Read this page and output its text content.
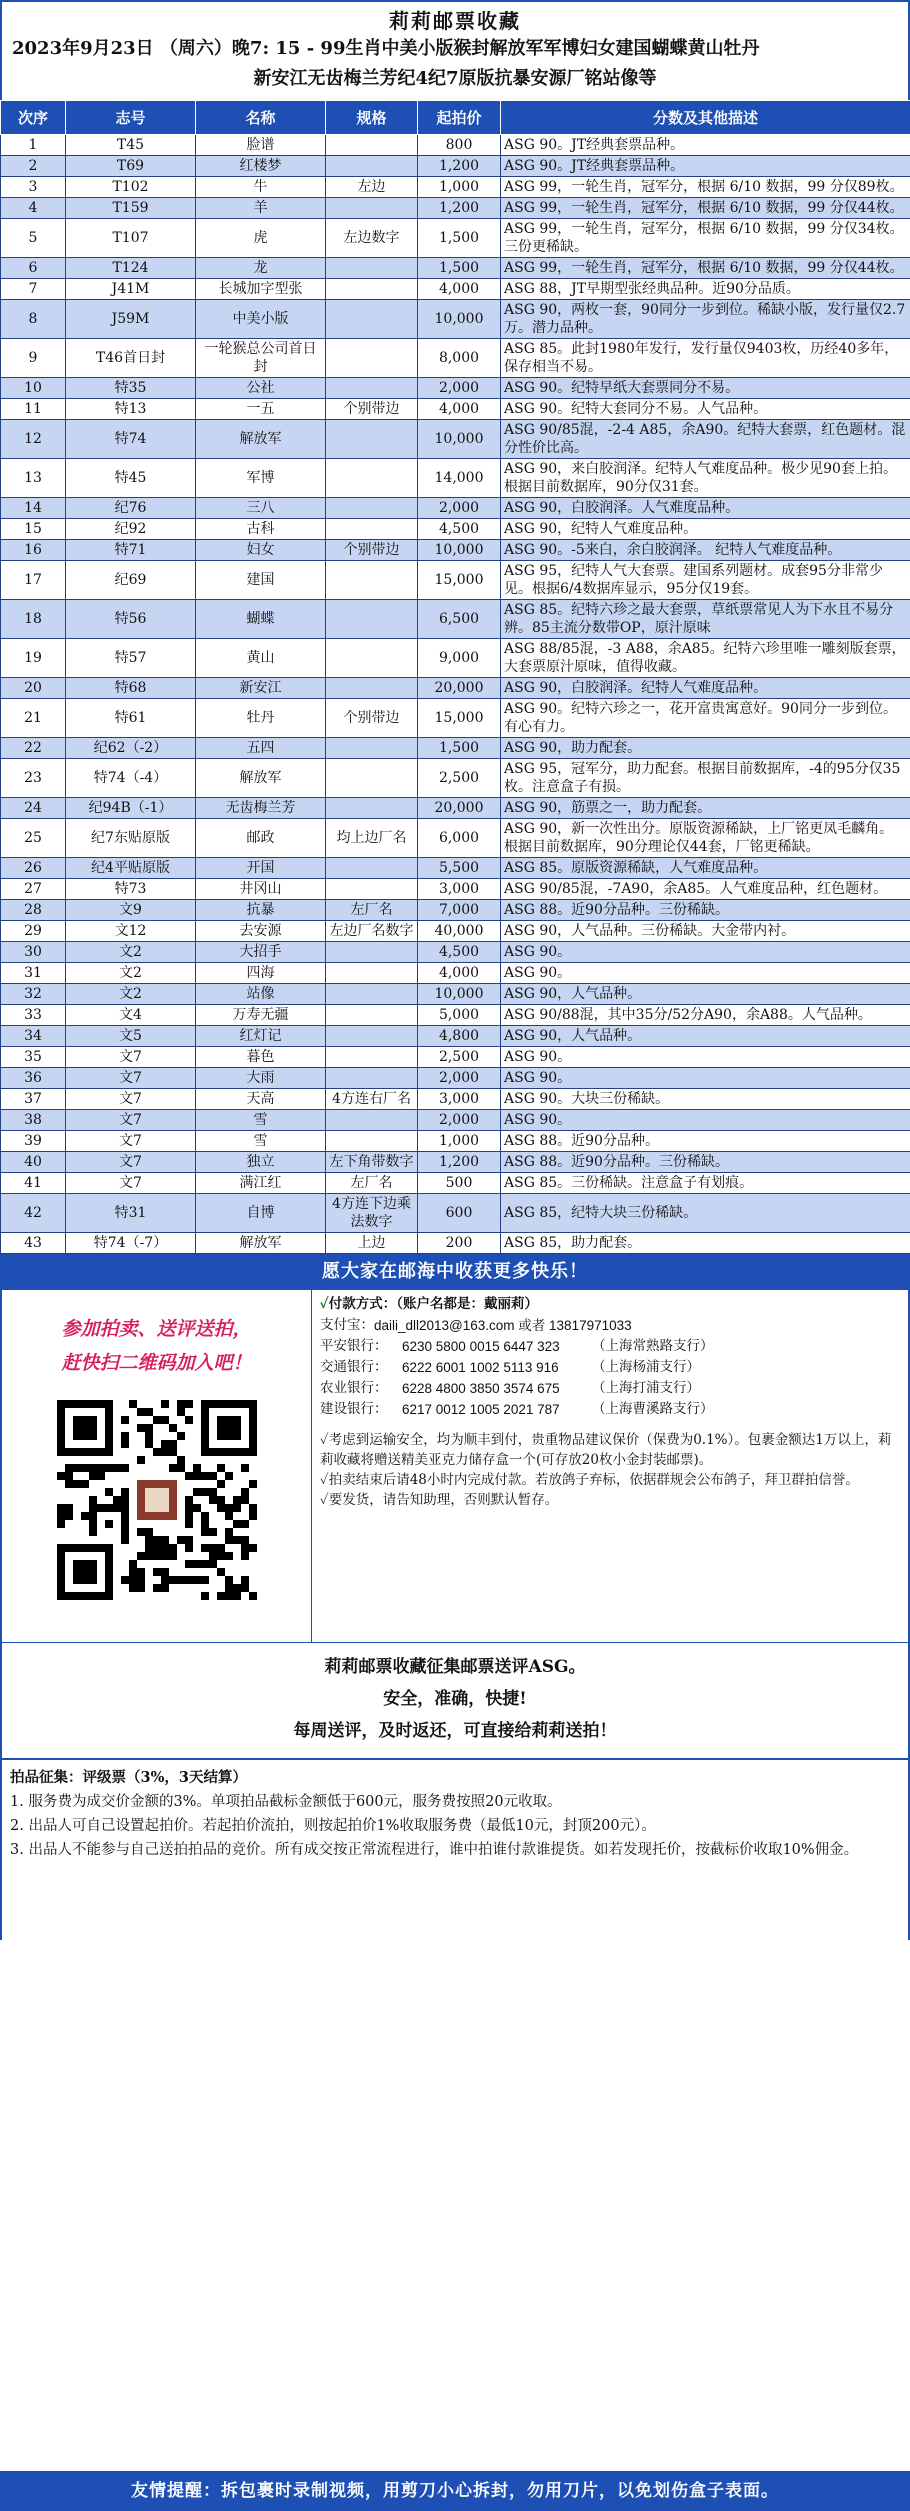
莉莉邮票收藏
2023年9月23日 （周六）晚7: 15 - 99生肖中美小版猴封解放军军博妇女建国蝴蝶黄山牡丹
新安江无齿梅兰芳纪4纪7原版抗暴安源厂铭站像等
次序	志号	名称	规格	起拍价	分数及其他描述
1	T45	脸谱		800	ASG 90。JT经典套票品种。
2	T69	红楼梦		1,200	ASG 90。JT经典套票品种。
3	T102	牛	左边	1,000	ASG 99，一轮生肖，冠军分，根据 6/10 数据，99 分仅89枚。
4	T159	羊		1,200	ASG 99，一轮生肖，冠军分，根据 6/10 数据，99 分仅44枚。
5	T107	虎	左边数字	1,500	ASG 99，一轮生肖，冠军分，根据 6/10 数据，99 分仅34枚。三份更稀缺。
6	T124	龙		1,500	ASG 99，一轮生肖，冠军分，根据 6/10 数据，99 分仅44枚。
7	J41M	长城加字型张		4,000	ASG 88，JT早期型张经典品种。近90分品质。
8	J59M	中美小版		10,000	ASG 90，两枚一套，90同分一步到位。稀缺小版，发行量仅2.7万。潜力品种。
9	T46首日封	一轮猴总公司首日封		8,000	ASG 85。此封1980年发行，发行量仅9403枚，历经40多年，保存相当不易。
10	特35	公社		2,000	ASG 90。纪特早纸大套票同分不易。
11	特13	一五	个别带边	4,000	ASG 90。纪特大套同分不易。人气品种。
12	特74	解放军		10,000	ASG 90/85混，-2-4 A85，余A90。纪特大套票，红色题材。混分性价比高。
13	特45	军博		14,000	ASG 90，来白胶润泽。纪特人气难度品种。极少见90套上拍。根据目前数据库，90分仅31套。
14	纪76	三八		2,000	ASG 90，白胶润泽。人气难度品种。
15	纪92	古科		4,500	ASG 90，纪特人气难度品种。
16	特71	妇女	个别带边	10,000	ASG 90。-5来白，余白胶润泽。 纪特人气难度品种。
17	纪69	建国		15,000	ASG 95，纪特人气大套票。建国系列题材。成套95分非常少见。根据6/4数据库显示，95分仅19套。
18	特56	蝴蝶		6,500	ASG 85。纪特六珍之最大套票，草纸票常见人为下水且不易分辨。85主流分数带OP，原汁原味
19	特57	黄山		9,000	ASG 88/85混，-3 A88，余A85。纪特六珍里唯一雕刻版套票，大套票原汁原味，值得收藏。
20	特68	新安江		20,000	ASG 90，白胶润泽。纪特人气难度品种。
21	特61	牡丹	个别带边	15,000	ASG 90。纪特六珍之一，花开富贵寓意好。90同分一步到位。有心有力。
22	纪62（-2）	五四		1,500	ASG 90，助力配套。
23	特74（-4）	解放军		2,500	ASG 95，冠军分，助力配套。根据目前数据库，-4的95分仅35枚。注意盒子有损。
24	纪94B（-1）	无齿梅兰芳		20,000	ASG 90，筋票之一，助力配套。
25	纪7东贴原版	邮政	均上边厂名	6,000	ASG 90，新一次性出分。原版资源稀缺，上厂铭更凤毛麟角。根据目前数据库，90分理论仅44套，厂铭更稀缺。
26	纪4平贴原版	开国		5,500	ASG 85。原版资源稀缺，人气难度品种。
27	特73	井冈山		3,000	ASG 90/85混，-7A90，余A85。人气难度品种，红色题材。
28	文9	抗暴	左厂名	7,000	ASG 88。近90分品种。三份稀缺。
29	文12	去安源	左边厂名数字	40,000	ASG 90，人气品种。三份稀缺。大金带内衬。
30	文2	大招手		4,500	ASG 90。
31	文2	四海		4,000	ASG 90。
32	文2	站像		10,000	ASG 90，人气品种。
33	文4	万寿无疆		5,000	ASG 90/88混，其中35分/52分A90，余A88。人气品种。
34	文5	红灯记		4,800	ASG 90，人气品种。
35	文7	暮色		2,500	ASG 90。
36	文7	大雨		2,000	ASG 90。
37	文7	天高	4方连右厂名	3,000	ASG 90。大块三份稀缺。
38	文7	雪		2,000	ASG 90。
39	文7	雪		1,000	ASG 88。近90分品种。
40	文7	独立	左下角带数字	1,200	ASG 88。近90分品种。三份稀缺。
41	文7	满江红	左厂名	500	ASG 85。三份稀缺。注意盒子有划痕。
42	特31	自博	4方连下边乘法数字	600	ASG 85，纪特大块三份稀缺。
43	特74（-7）	解放军	上边	200	ASG 85，助力配套。
愿大家在邮海中收获更多快乐！
参加拍卖、送评送拍，
赶快扫二维码加入吧！
✓付款方式：（账户名都是：戴丽莉）
支付宝： daili_dll2013@163.com 或者 13817971033
平安银行：	6230 5800 0015 6447 323	（上海常熟路支行）
交通银行：	6222 6001 1002 5113 916	（上海杨浦支行）
农业银行：	6228 4800 3850 3574 675	（上海打浦支行）
建设银行：	6217 0012 1005 2021 787	（上海曹溪路支行）

✓考虑到运输安全，均为顺丰到付，贵重物品建议保价（保费为0.1%）。包裹金额达1万以上，莉莉收藏将赠送精美亚克力储存盒一个(可存放20枚小金封装邮票)。

✓拍卖结束后请48小时内完成付款。若放鸽子弃标，依据群规会公布鸽子，拜卫群拍信誉。

✓要发货，请告知助理，否则默认暂存。

莉莉邮票收藏征集邮票送评ASG。
安全，准确，快捷!
每周送评，及时返还，可直接给莉莉送拍！
拍品征集：评级票（3%，3天结算）
1. 服务费为成交价金额的3%。单项拍品截标金额低于600元，服务费按照20元收取。
2. 出品人可自己设置起拍价。若起拍价流拍，则按起拍价1%收取服务费（最低10元，封顶200元）。
3. 出品人不能参与自己送拍拍品的竞价。所有成交按正常流程进行，谁中拍谁付款谁提货。如若发现托价，按截标价收取10%佣金。
友情提醒：拆包裹时录制视频，用剪刀小心拆封，勿用刀片，以免划伤盒子表面。
